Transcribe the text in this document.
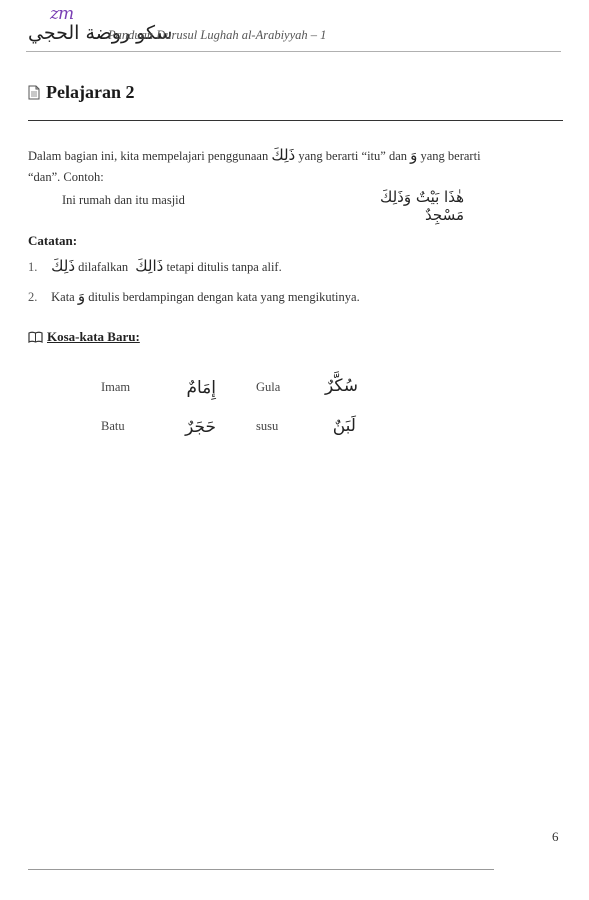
zm
سكو روضة الحجي
Panduan Durusul Lughah al-Arabiyyah – 1
Pelajaran 2
Dalam bagian ini, kita mempelajari penggunaan ذَلِكَ yang berarti “itu” dan وَ yang berarti
“dan”. Contoh:
Ini rumah dan itu masjid	هٰذَا بَيْتٌ وَذَلِكَ مَسْجِدٌ
Catatan:
1. ذَلِكَ dilafalkan ذَالِكَ tetapi ditulis tanpa alif.
2. Kata وَ ditulis berdampingan dengan kata yang mengikutinya.
Kosa-kata Baru:
Imam	إِمَامٌ	Gula	سُكَّرٌ
Batu	حَجَرٌ	susu	لَبَنٌ
6
